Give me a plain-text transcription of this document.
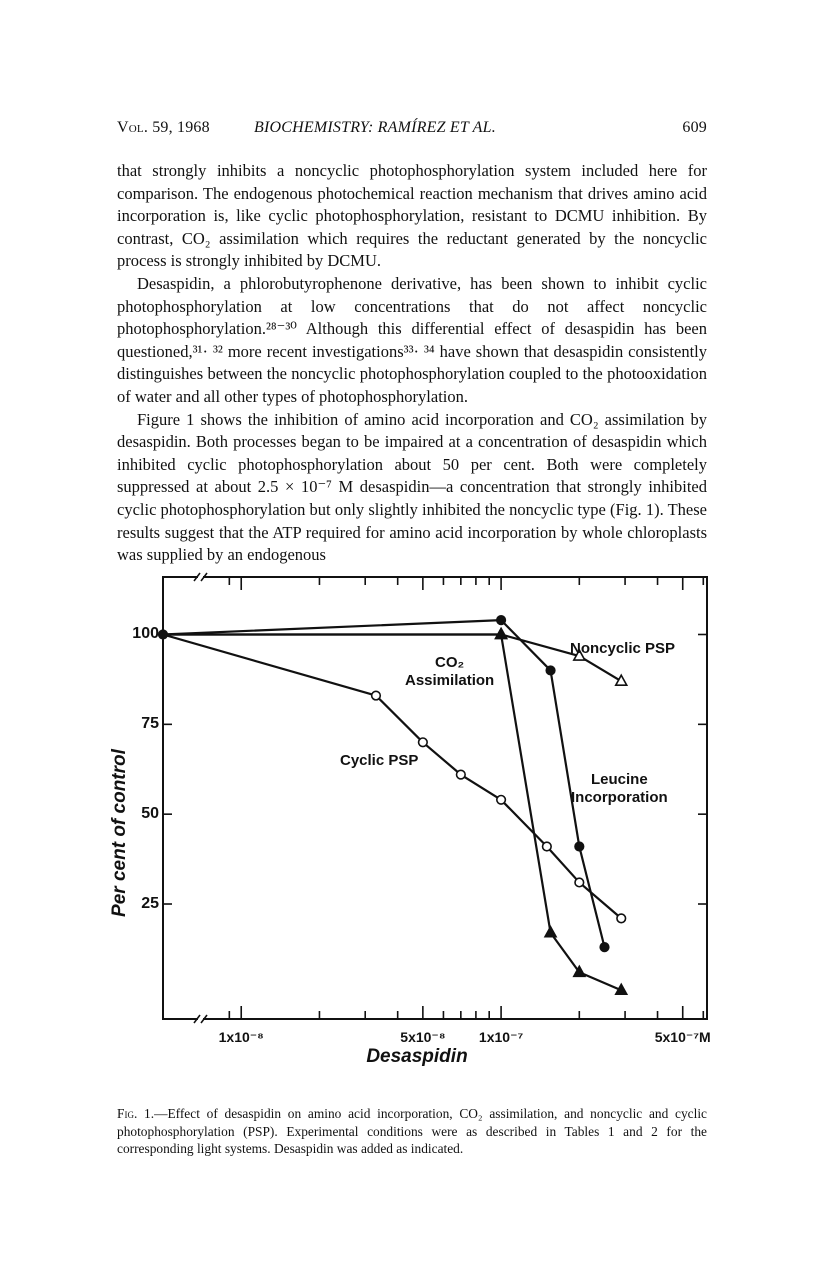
Vol. 59, 1968	BIOCHEMISTRY: RAMÍREZ ET AL.	609

that strongly inhibits a noncyclic photophosphorylation system included here for comparison. The endogenous photochemical reaction mechanism that drives amino acid incorporation is, like cyclic photophosphorylation, resistant to DCMU inhibition. By contrast, CO₂ assimilation which requires the reductant generated by the noncyclic process is strongly inhibited by DCMU.

Desaspidin, a phlorobutyrophenone derivative, has been shown to inhibit cyclic photophosphorylation at low concentrations that do not affect noncyclic photophosphorylation.²⁸⁻³⁰ Although this differential effect of desaspidin has been questioned,³¹· ³² more recent investigations³³· ³⁴ have shown that desaspidin consistently distinguishes between the noncyclic photophosphorylation coupled to the photooxidation of water and all other types of photophosphorylation.

Figure 1 shows the inhibition of amino acid incorporation and CO₂ assimilation by desaspidin. Both processes began to be impaired at a concentration of desaspidin which inhibited cyclic photophosphorylation about 50 per cent. Both were completely suppressed at about 2.5 × 10⁻⁷ M desaspidin—a concentration that strongly inhibited cyclic photophosphorylation but only slightly inhibited the noncyclic type (Fig. 1). These results suggest that the ATP required for amino acid incorporation by whole chloroplasts was supplied by an endogenous

100
75
50
25
1x10⁻⁸	5x10⁻⁸	1x10⁻⁷	5x10⁻⁷M
Desaspidin
Per cent of control
Noncyclic PSP
CO₂
Assimilation
Leucine
Incorporation
Cyclic PSP
Fig. 1.—Effect of desaspidin on amino acid incorporation, CO₂ assimilation, and noncyclic and cyclic photophosphorylation (PSP). Experimental conditions were as described in Tables 1 and 2 for the corresponding light systems. Desaspidin was added as indicated.
